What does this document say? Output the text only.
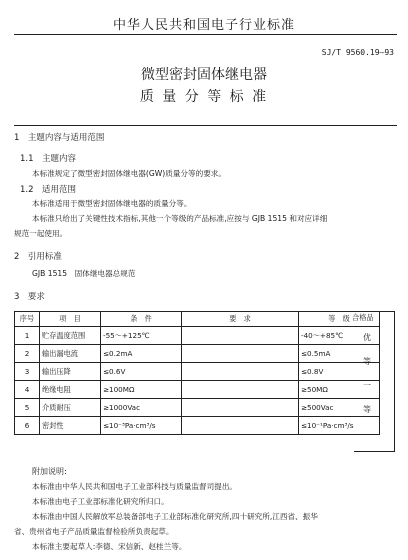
中华人民共和国电子行业标准
SJ/T 9560.19—93
微型密封固体继电器
质 量 分 等 标 准
1　主题内容与适用范围
1.1　主题内容
本标准规定了微型密封固体继电器(GW)质量分等的要求。
1.2　适用范围
本标准适用于微型密封固体继电器的质量分等。
本标准只给出了关键性技术指标,其他一个等级的产品标准,应按与 GJB 1515 和对应详细
规范一起使用。
2　引用标准
GJB 1515　固体继电器总规范
3　要求
序号	项　目	条　件	要　求	等　级
1	贮存温度范围	-55～+125℃		-40～+85℃
2	输出漏电流	≤0.2mA		≤0.5mA
3	输出压降	≤0.6V		≤0.8V
4	绝缘电阻	≥100MΩ		≥50MΩ
5	介质耐压	≥1000Vac		≥500Vac
6	密封性	≤10⁻³Pa·cm³/s		≤10⁻¹Pa·cm³/s
合格品
优
等
一
等
附加说明:
本标准由中华人民共和国电子工业部科技与质量监督司提出。
本标准由电子工业部标准化研究所归口。
本标准由中国人民解放军总装备部电子工业部标准化研究所,四十研究所,江西省、振华
省、贵州省电子产品质量监督检验所负责起草。
本标准主要起草人:李德、宋信新、赵桂兰等。
